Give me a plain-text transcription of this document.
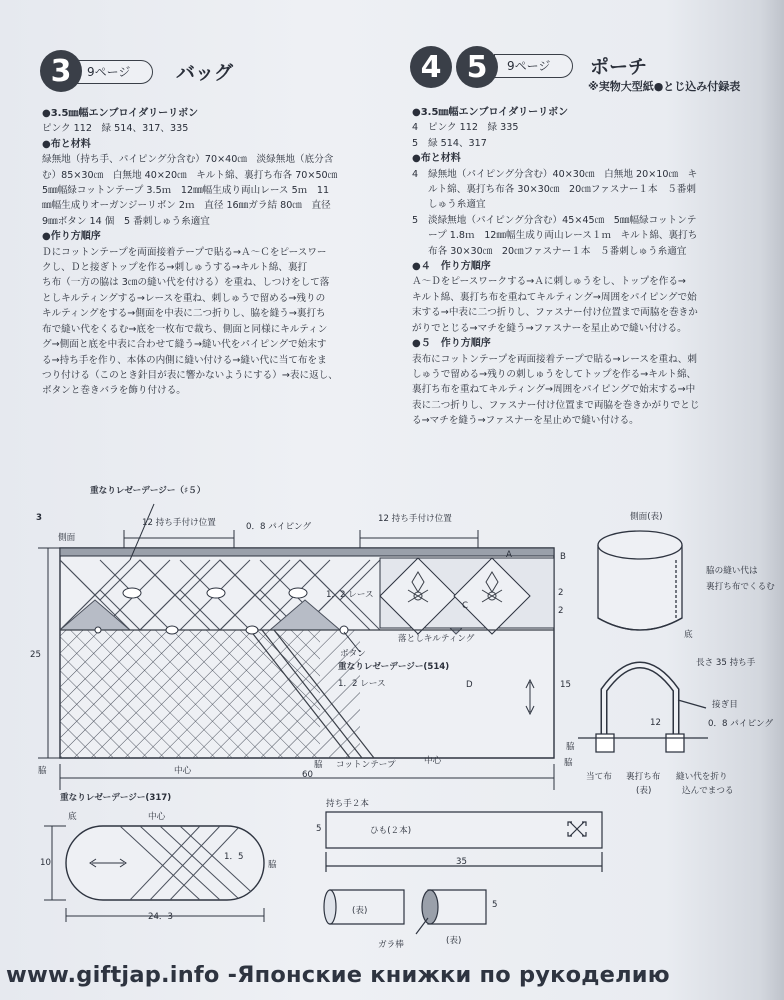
9ページ
3	バッグ

●3.5㎜幅エンブロイダリーリボン

ピンク 112　緑 514、317、335

●布と材料

緑無地（持ち手、パイピング分含む）70×40㎝　淡緑無地（底分含

む）85×30㎝　白無地 40×20㎝　キルト綿、裏打ち布各 70×50㎝

5㎜幅緑コットンテープ 3.5ｍ　12㎜幅生成り両山レース 5ｍ　11

㎜幅生成りオーガンジーリボン 2ｍ　直径 16㎜ガラ結 80㎝　直径

9㎜ボタン 14 個　5 番刺しゅう糸適宜

●作り方順序

Ｄにコットンテープを両面接着テープで貼る→Ａ～Ｃをピースワー

クし、Ｄと接ぎトップを作る→刺しゅうする→キルト綿、裏打

ち布（一方の脇は 3㎝の縫い代を付ける）を重ね、しつけをして落

としキルティングする→レースを重ね、刺しゅうで留める→残りの

キルティングをする→側面を中表に二つ折りし、脇を縫う→裏打ち

布で縫い代をくるむ→底を一枚布で裁ち、側面と同様にキルティン

グ→側面と底を中表に合わせて縫う→縫い代をパイピングで始末す

る→持ち手を作り、本体の内側に縫い付ける→縫い代に当て布をま

つり付ける（このとき針目が表に響かないようにする）→表に返し、

ボタンと巻きバラを飾り付ける。

9ページ
4 5	ポーチ
※実物大型紙●とじ込み付録表

●3.5㎜幅エンブロイダリーリボン

4	ピンク 112　緑 335
5	緑 514、317

●布と材料

4	緑無地（パイピング分含む）40×30㎝　白無地 20×10㎝　キ

ルト綿、裏打ち布各 30×30㎝　20㎝ファスナー１本　５番刺

しゅう糸適宜

5	淡緑無地（パイピング分含む）45×45㎝　5㎜幅緑コットンテ

ープ 1.8ｍ　12㎜幅生成り両山レース１ｍ　キルト綿、裏打ち

布各 30×30㎝　20㎝ファスナー１本　５番刺しゅう糸適宜

●４　作り方順序

Ａ～Ｄをピースワークする→Ａに刺しゅうをし、トップを作る→

キルト綿、裏打ち布を重ねてキルティング→周囲をパイピングで始

末する→中表に二つ折りし、ファスナー付け位置まで両脇を巻きか

がりでとじる→マチを縫う→ファスナーを星止めで縫い付ける。

●５　作り方順序

表布にコットンテープを両面接着テープで貼る→レースを重ね、刺

しゅうで留める→残りの刺しゅうをしてトップを作る→キルト綿、

裏打ち布を重ねてキルティング→周囲をパイピングで始末する→中

表に二つ折りし、ファスナー付け位置まで両脇を巻きかがりでとじ

る→マチを縫う→ファスナーを星止めで縫い付ける。

3
側面
重なりレゼーデージー（♯５）
12 持ち手付け位置	0．8 パイピング
12 持ち手付け位置
A	B
C
D
2
2
1．2 レース
ボタン
落としキルティング
重なりレゼーデージー(514)
1．2 レース
25
15
脇	中心
脇 コットンテープ	中心	脇
60
重なりレゼーデージー(317)
底	中心
10
1．5
脇
24．3
持ち手２本
ひも(２本)
5
35
(表)
ガラ棒	(表)
5
側面(表)
脇の縫い代は
裏打ち布でくるむ
底
長さ 35 持ち手
接ぎ目
12	0．8 パイピング
脇
当て布 裏打ち布
(表)
縫い代を折り
込んでまつる
www.giftjap.info -Японские книжки по рукоделию
